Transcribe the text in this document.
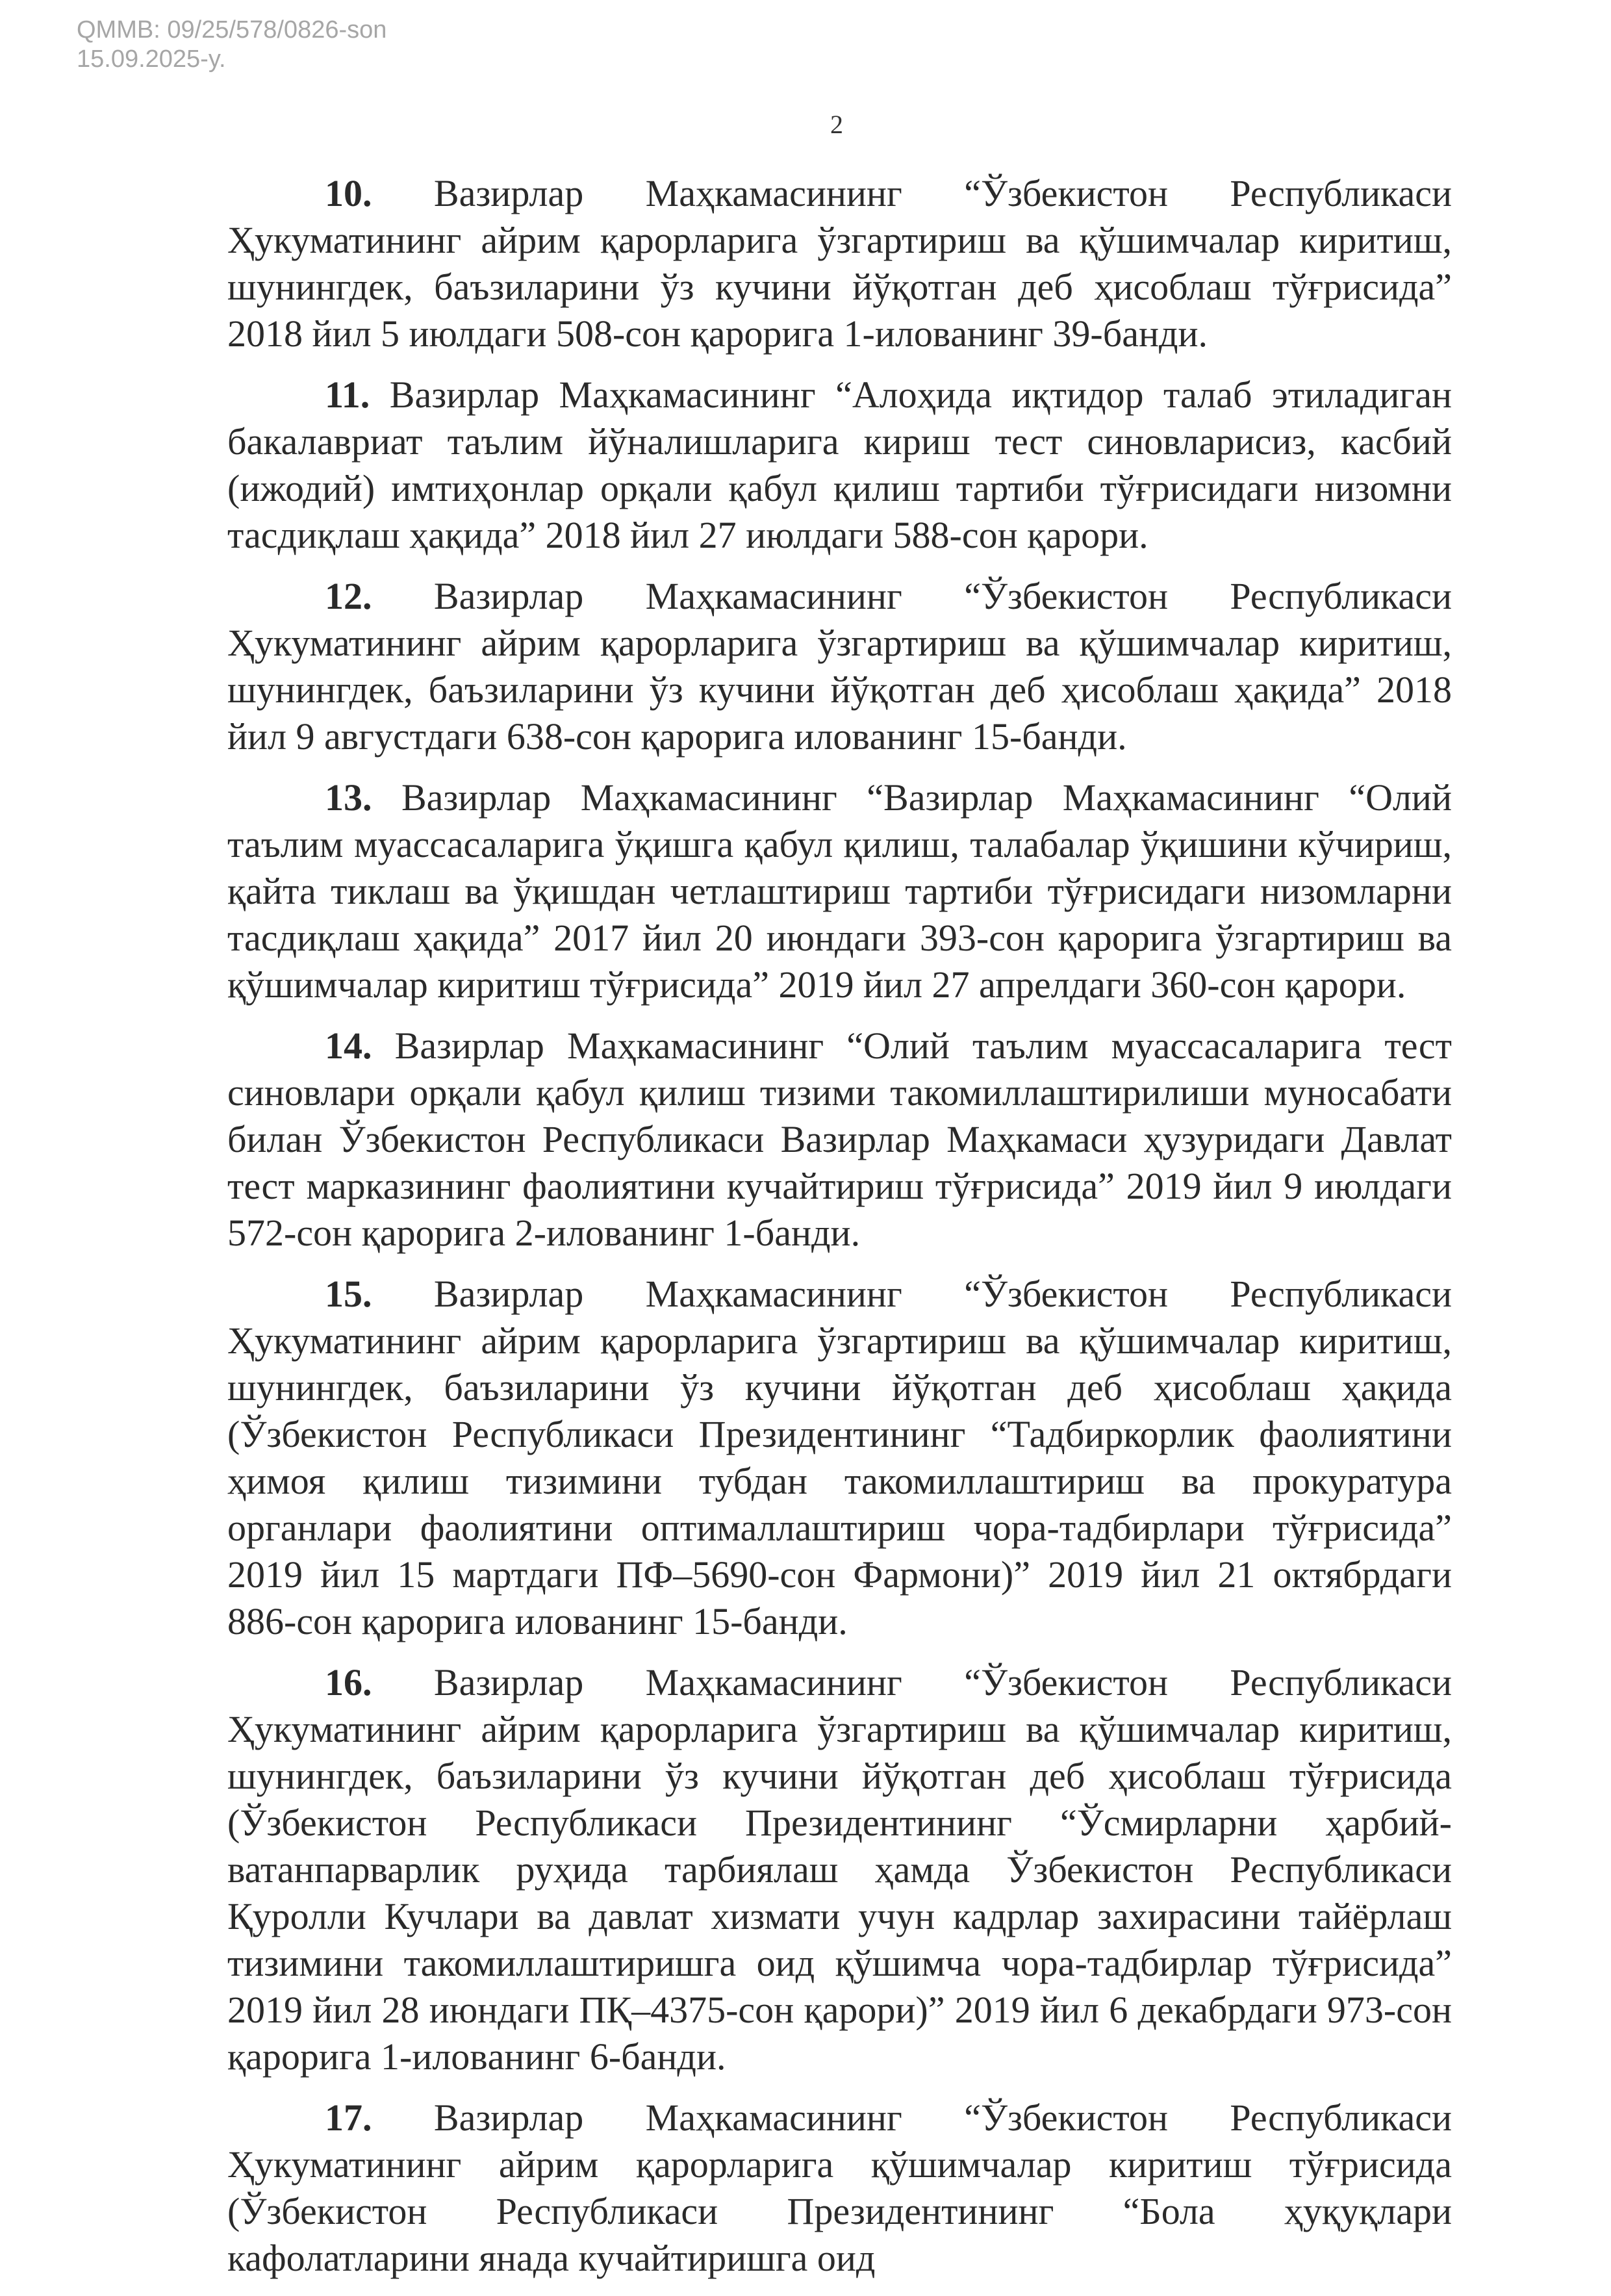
QMMB: 09/25/578/0826-son
15.09.2025-y.
2

10. Вазирлар Маҳкамасининг “Ўзбекистон Республикаси Ҳукуматининг айрим қарорларига ўзгартириш ва қўшимчалар киритиш, шунингдек, баъзиларини ўз кучини йўқотган деб ҳисоблаш тўғрисида” 2018 йил 5 июлдаги 508-сон қарорига 1-иловaнинг 39-банди.

11. Вазирлар Маҳкамасининг “Алоҳида иқтидор талаб этиладиган бакалавриат таълим йўналишларига кириш тест синовларисиз, касбий (ижодий) имтиҳонлар орқали қабул қилиш тартиби тўғрисидаги низомни тасдиқлаш ҳақида” 2018 йил 27 июлдаги 588-сон қарори.

12. Вазирлар Маҳкамасининг “Ўзбекистон Республикаси Ҳукуматининг айрим қарорларига ўзгартириш ва қўшимчалар киритиш, шунингдек, баъзиларини ўз кучини йўқотган деб ҳисоблаш ҳақида” 2018 йил 9 августдаги 638-сон қарорига иловaнинг 15-банди.

13. Вазирлар Маҳкамасининг “Вазирлар Маҳкамасининг “Олий таълим муассасаларига ўқишга қабул қилиш, талабалар ўқишини кўчириш, қайта тиклаш ва ўқишдан четлаштириш тартиби тўғрисидаги низомларни тасдиқлаш ҳақида” 2017 йил 20 июндаги 393-сон қарорига ўзгартириш ва қўшимчалар киритиш тўғрисида” 2019 йил 27 апрелдаги 360-сон қарори.

14. Вазирлар Маҳкамасининг “Олий таълим муассасаларига тест синовлари орқали қабул қилиш тизими такомиллаштирилиши муносабати билан Ўзбекистон Республикаси Вазирлар Маҳкамаси ҳузуридаги Давлат тест марказининг фаолиятини кучайтириш тўғрисида” 2019 йил 9 июлдаги 572-сон қарорига 2-иловaнинг 1-банди.

15. Вазирлар Маҳкамасининг “Ўзбекистон Республикаси Ҳукуматининг айрим қарорларига ўзгартириш ва қўшимчалар киритиш, шунингдек, баъзиларини ўз кучини йўқотган деб ҳисоблаш ҳақида (Ўзбекистон Республикаси Президентининг “Тадбиркорлик фаолиятини ҳимоя қилиш тизимини тубдан такомиллаштириш ва прокуратура органлари фаолиятини оптималлаштириш чора-тадбирлари тўғрисида” 2019 йил 15 мартдаги ПФ–5690-сон Фармони)” 2019 йил 21 октябрдаги 886-сон қарорига иловaнинг 15-банди.

16. Вазирлар Маҳкамасининг “Ўзбекистон Республикаси Ҳукуматининг айрим қарорларига ўзгартириш ва қўшимчалар киритиш, шунингдек, баъзиларини ўз кучини йўқотган деб ҳисоблаш тўғрисида (Ўзбекистон Республикаси Президентининг “Ўсмирларни ҳарбий-ватанпарварлик руҳида тарбиялаш ҳамда Ўзбекистон Республикаси Қуролли Кучлари ва давлат хизмати учун кадрлар захирасини тайёрлаш тизимини такомиллаштиришга оид қўшимча чора-тадбирлар тўғрисида” 2019 йил 28 июндаги ПҚ–4375-сон қарори)” 2019 йил 6 декабрдаги 973-сон қарорига 1-иловaнинг 6-банди.

17. Вазирлар Маҳкамасининг “Ўзбекистон Республикаси Ҳукуматининг айрим қарорларига қўшимчалар киритиш тўғрисида (Ўзбекистон Республикаси Президентининг “Бола ҳуқуқлари кафолатларини янада кучайтиришга оид
